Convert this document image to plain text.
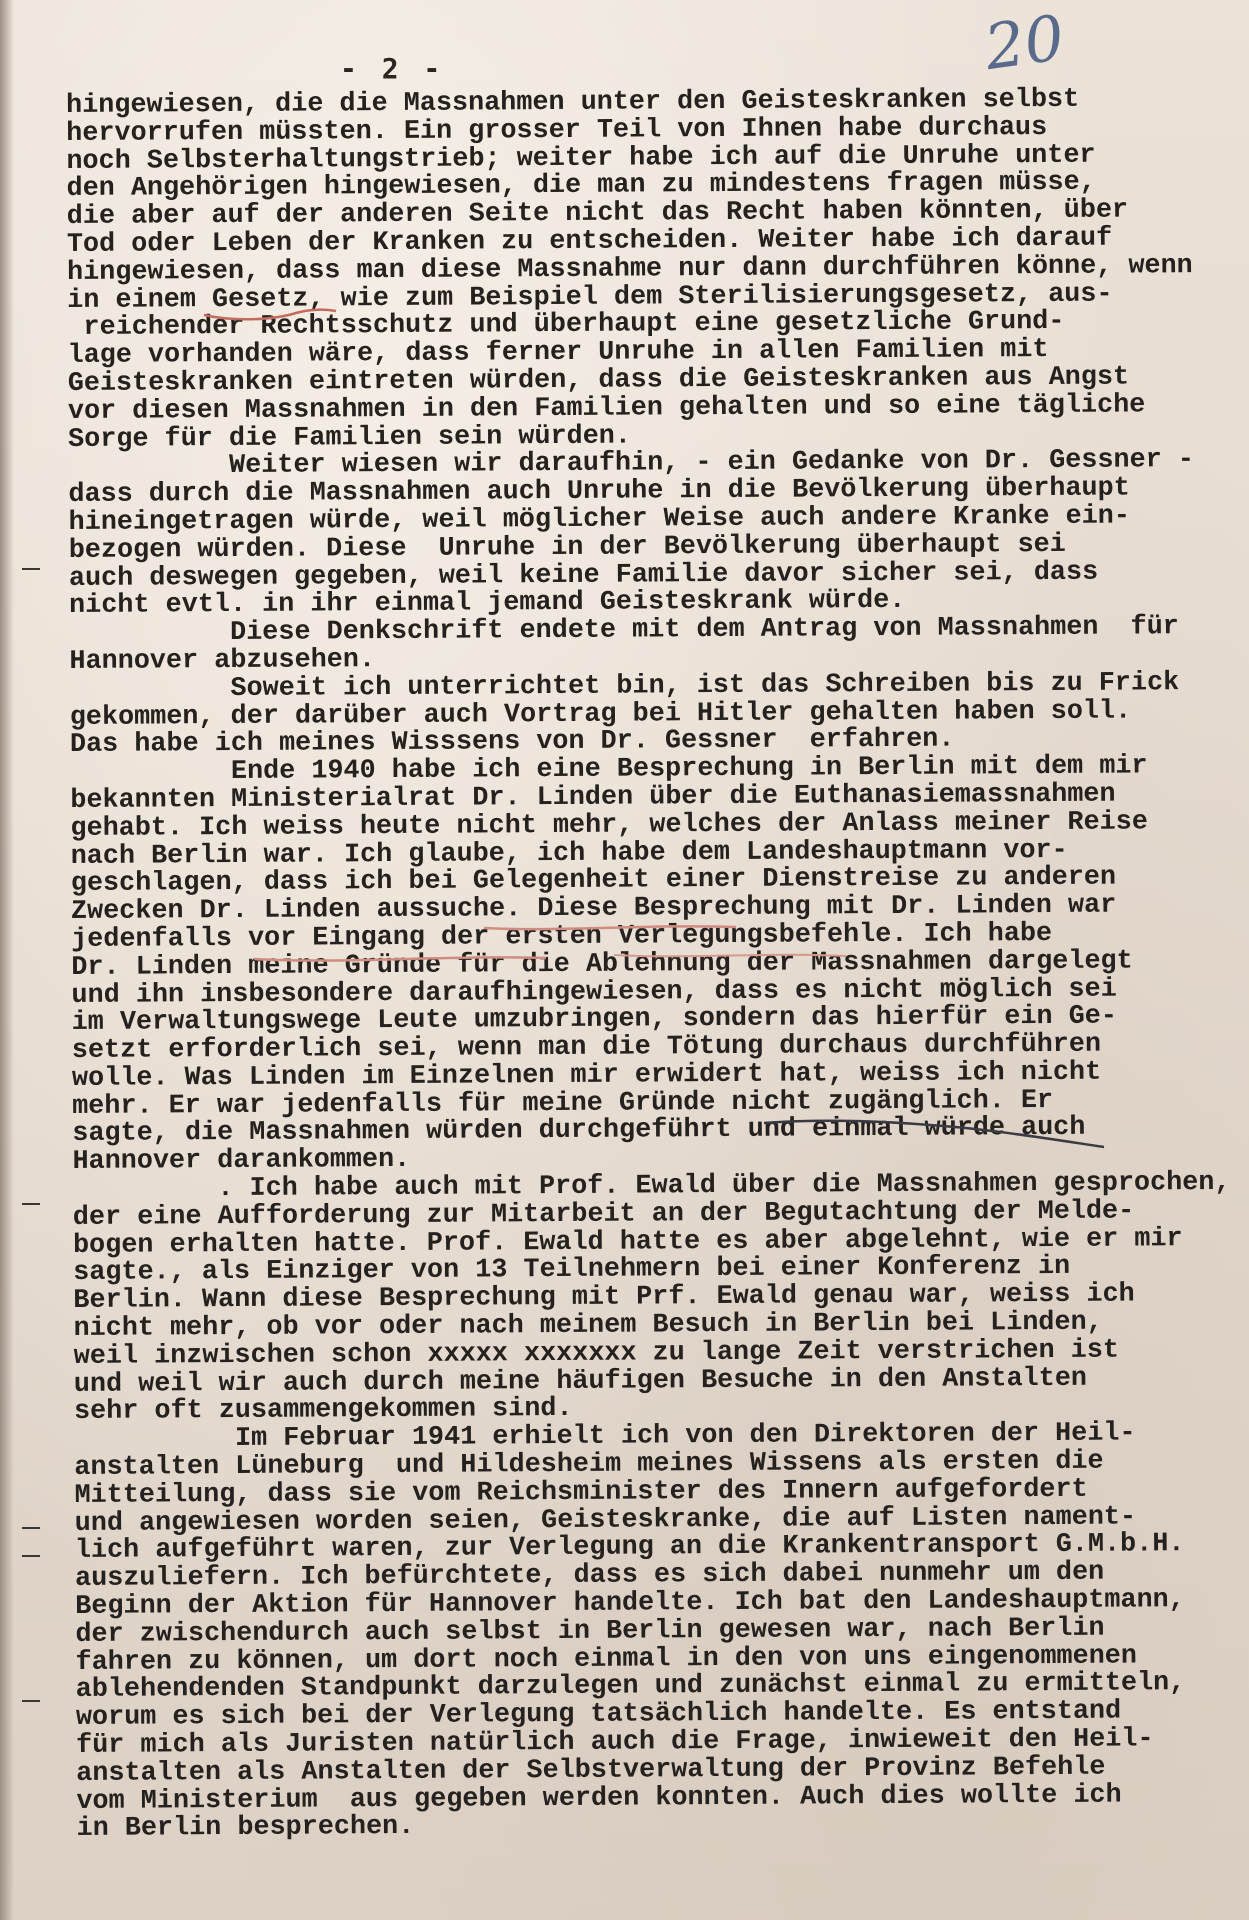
- 2 -	20
hingewiesen, die die Massnahmen unter den Geisteskranken selbst
hervorrufen müssten. Ein grosser Teil von Ihnen habe durchaus
noch Selbsterhaltungstrieb; weiter habe ich auf die Unruhe unter
den Angehörigen hingewiesen, die man zu mindestens fragen müsse,
die aber auf der anderen Seite nicht das Recht haben könnten, über
Tod oder Leben der Kranken zu entscheiden. Weiter habe ich darauf
hingewiesen, dass man diese Massnahme nur dann durchführen könne, wenn
in einem Gesetz, wie zum Beispiel dem Sterilisierungsgesetz, aus-
reichender Rechtsschutz und überhaupt eine gesetzliche Grund-
lage vorhanden wäre, dass ferner Unruhe in allen Familien mit
Geisteskranken eintreten würden, dass die Geisteskranken aus Angst
vor diesen Massnahmen in den Familien gehalten und so eine tägliche
Sorge für die Familien sein würden.
Weiter wiesen wir daraufhin, - ein Gedanke von Dr. Gessner -
dass durch die Massnahmen auch Unruhe in die Bevölkerung überhaupt
hineingetragen würde, weil möglicher Weise auch andere Kranke ein-
bezogen würden. Diese  Unruhe in der Bevölkerung überhaupt sei
auch deswegen gegeben, weil keine Familie davor sicher sei, dass
nicht evtl. in ihr einmal jemand Geisteskrank würde.
Diese Denkschrift endete mit dem Antrag von Massnahmen  für
Hannover abzusehen.
Soweit ich unterrichtet bin, ist das Schreiben bis zu Frick
gekommen, der darüber auch Vortrag bei Hitler gehalten haben soll.
Das habe ich meines Wisssens von Dr. Gessner  erfahren.
Ende 1940 habe ich eine Besprechung in Berlin mit dem mir
bekannten Ministerialrat Dr. Linden über die Euthanasiemassnahmen
gehabt. Ich weiss heute nicht mehr, welches der Anlass meiner Reise
nach Berlin war. Ich glaube, ich habe dem Landeshauptmann vor-
geschlagen, dass ich bei Gelegenheit einer Dienstreise zu anderen
Zwecken Dr. Linden aussuche. Diese Besprechung mit Dr. Linden war
jedenfalls vor Eingang der ersten Verlegungsbefehle. Ich habe
Dr. Linden meine Gründe für die Ablehnung der Massnahmen dargelegt
und ihn insbesondere daraufhingewiesen, dass es nicht möglich sei
im Verwaltungswege Leute umzubringen, sondern das hierfür ein Ge-
setzt erforderlich sei, wenn man die Tötung durchaus durchführen
wolle. Was Linden im Einzelnen mir erwidert hat, weiss ich nicht
mehr. Er war jedenfalls für meine Gründe nicht zugänglich. Er
sagte, die Massnahmen würden durchgeführt und einmal würde auch
Hannover darankommen.
. Ich habe auch mit Prof. Ewald über die Massnahmen gesprochen,
der eine Aufforderung zur Mitarbeit an der Begutachtung der Melde-
bogen erhalten hatte. Prof. Ewald hatte es aber abgelehnt, wie er mir
sagte., als Einziger von 13 Teilnehmern bei einer Konferenz in
Berlin. Wann diese Besprechung mit Prf. Ewald genau war, weiss ich
nicht mehr, ob vor oder nach meinem Besuch in Berlin bei Linden,
weil inzwischen schon xxxxx xxxxxxx zu lange Zeit verstrichen ist
und weil wir auch durch meine häufigen Besuche in den Anstalten
sehr oft zusammengekommen sind.
Im Februar 1941 erhielt ich von den Direktoren der Heil-
anstalten Lüneburg  und Hildesheim meines Wissens als ersten die
Mitteilung, dass sie vom Reichsminister des Innern aufgefordert
und angewiesen worden seien, Geisteskranke, die auf Listen nament-
lich aufgeführt waren, zur Verlegung an die Krankentransport G.M.b.H.
auszuliefern. Ich befürchtete, dass es sich dabei nunmehr um den
Beginn der Aktion für Hannover handelte. Ich bat den Landeshauptmann,
der zwischendurch auch selbst in Berlin gewesen war, nach Berlin
fahren zu können, um dort noch einmal in den von uns eingenommenen
ablehendenden Standpunkt darzulegen und zunächst einmal zu ermitteln,
worum es sich bei der Verlegung tatsächlich handelte. Es entstand
für mich als Juristen natürlich auch die Frage, inwieweit den Heil-
anstalten als Anstalten der Selbstverwaltung der Provinz Befehle
vom Ministerium  aus gegeben werden konnten. Auch dies wollte ich
in Berlin besprechen.
